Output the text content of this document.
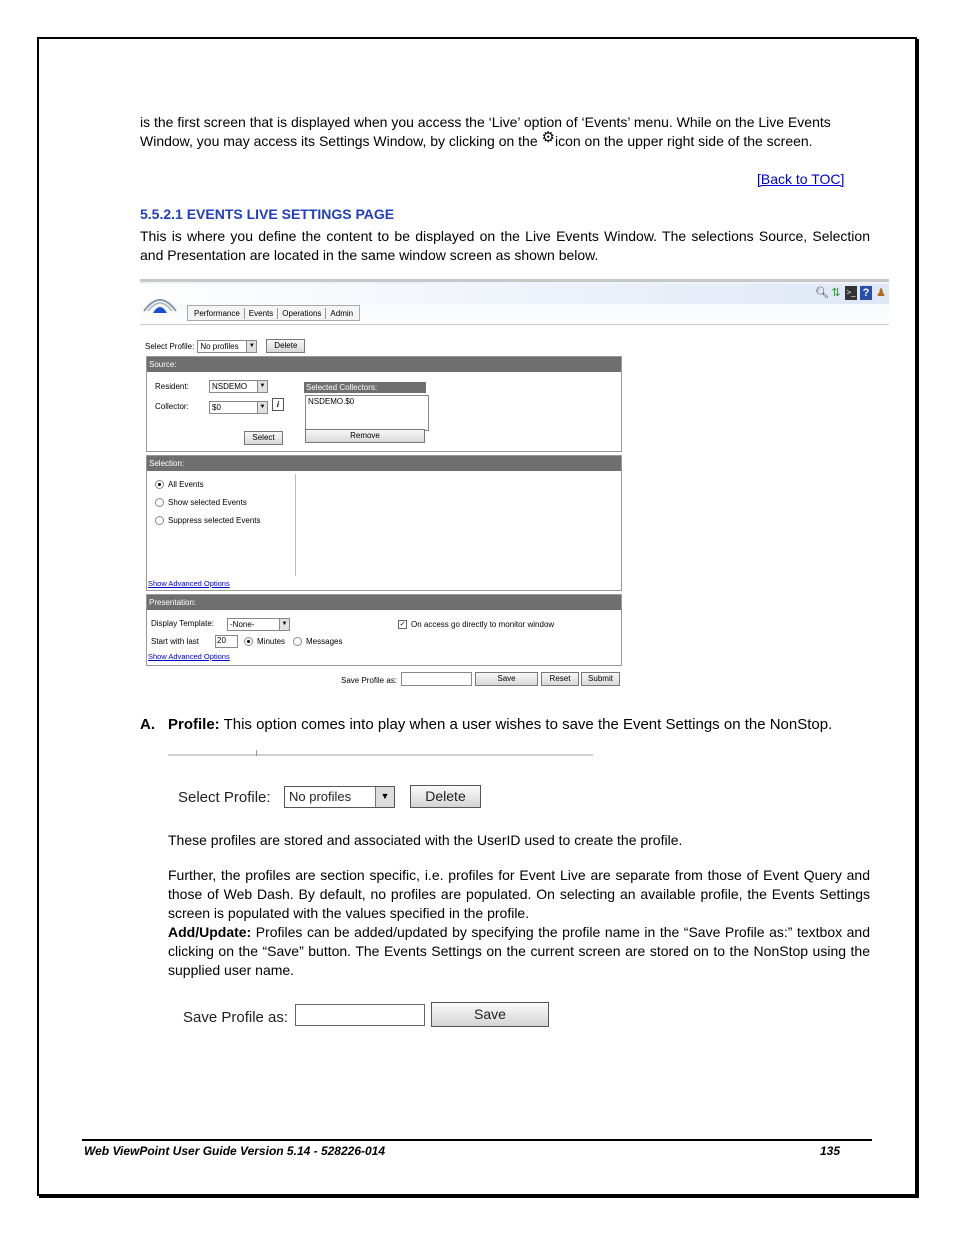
is the first screen that is displayed when you access the ‘Live’ option of ‘Events’ menu. While on the Live Events
Window, you may access its Settings Window, by clicking on the ⚙icon on the upper right side of the screen.
[Back to TOC]
5.5.2.1 EVENTS LIVE SETTINGS PAGE
This is where you define the content to be displayed on the Live Events Window. The selections Source, Selection and Presentation are located in the same window screen as shown below.
Performance	Events	Operations	Admin
🔍︎ ⇅ >_ ? ♟
Select Profile: No profiles	▼	Delete
Source:
Resident:	NSDEMO	▼
Collector:	$0	▼	i
Select
Selected Collectors:
NSDEMO.$0
Remove
Selection:
All Events
Show selected Events
Suppress selected Events
Show Advanced Options
Presentation:
Display Template: -None-	▼
Start with last 20	Minutes	Messages
✓ On access go directly to monitor window
Show Advanced Options
Save Profile as:	Save	Reset	Submit
A. Profile: This option comes into play when a user wishes to save the Event Settings on the NonStop.
Select Profile:	No profiles	▼	Delete
These profiles are stored and associated with the UserID used to create the profile.
Further, the profiles are section specific, i.e. profiles for Event Live are separate from those of Event Query and those of Web Dash. By default, no profiles are populated. On selecting an available profile, the Events Settings screen is populated with the values specified in the profile.
Add/Update: Profiles can be added/updated by specifying the profile name in the “Save Profile as:” textbox and clicking on the “Save” button. The Events Settings on the current screen are stored on to the NonStop using the supplied user name.
Save Profile as:	Save
Web ViewPoint User Guide Version 5.14 - 528226-014	135
